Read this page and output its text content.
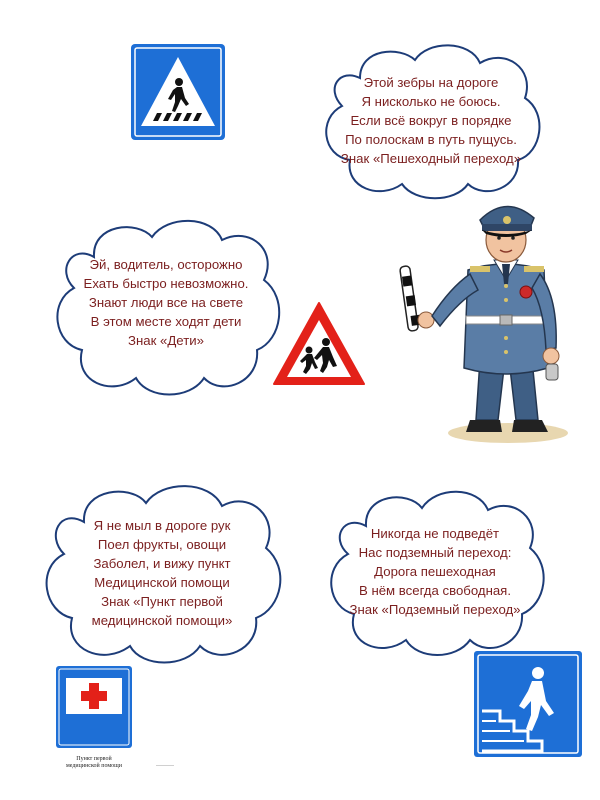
Этой зебры на дороге
Я нисколько не боюсь.
Если всё вокруг в порядке
По полоскам в путь пущусь.
Знак «Пешеходный переход»
Эй, водитель, осторожно
Ехать быстро невозможно.
Знают люди все на свете
В этом месте ходят дети
Знак «Дети»
Я не мыл в дороге рук
Поел фрукты, овощи
Заболел, и вижу пункт
Медицинской помощи
Знак «Пункт первой
медицинской помощи»
Никогда не подведёт
Нас подземный переход:
Дорога пешеходная
В нём всегда свободная.
Знак «Подземный переход»
Пункт первой
медицинской помощи
